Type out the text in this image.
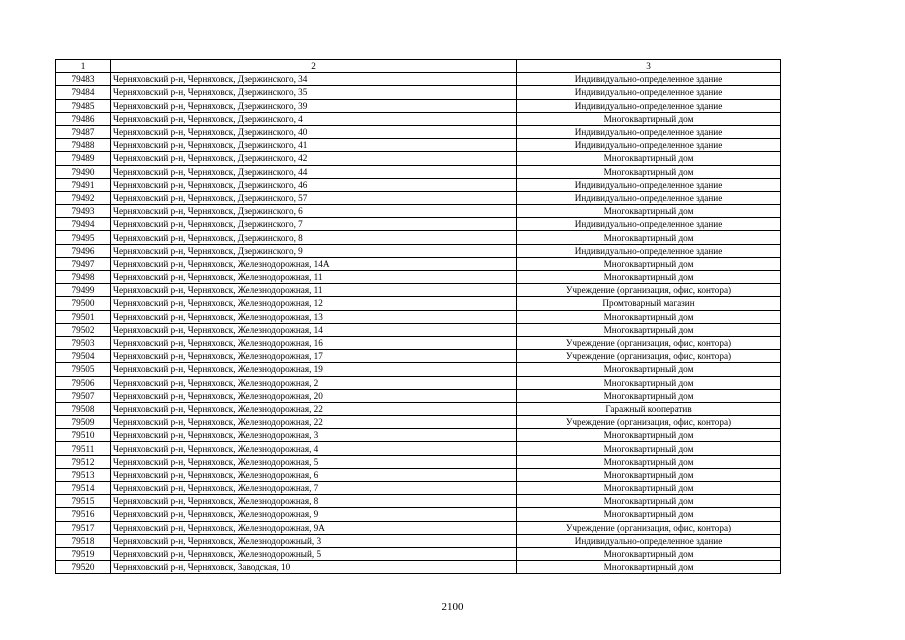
1	2	3
79483	Черняховский р-н, Черняховск, Дзержинского, 34	Индивидуально-определенное здание
79484	Черняховский р-н, Черняховск, Дзержинского, 35	Индивидуально-определенное здание
79485	Черняховский р-н, Черняховск, Дзержинского, 39	Индивидуально-определенное здание
79486	Черняховский р-н, Черняховск, Дзержинского, 4	Многоквартирный дом
79487	Черняховский р-н, Черняховск, Дзержинского, 40	Индивидуально-определенное здание
79488	Черняховский р-н, Черняховск, Дзержинского, 41	Индивидуально-определенное здание
79489	Черняховский р-н, Черняховск, Дзержинского, 42	Многоквартирный дом
79490	Черняховский р-н, Черняховск, Дзержинского, 44	Многоквартирный дом
79491	Черняховский р-н, Черняховск, Дзержинского, 46	Индивидуально-определенное здание
79492	Черняховский р-н, Черняховск, Дзержинского, 57	Индивидуально-определенное здание
79493	Черняховский р-н, Черняховск, Дзержинского, 6	Многоквартирный дом
79494	Черняховский р-н, Черняховск, Дзержинского, 7	Индивидуально-определенное здание
79495	Черняховский р-н, Черняховск, Дзержинского, 8	Многоквартирный дом
79496	Черняховский р-н, Черняховск, Дзержинского, 9	Индивидуально-определенное здание
79497	Черняховский р-н, Черняховск, Железнодорожная, 14А	Многоквартирный дом
79498	Черняховский р-н, Черняховск, Железнодорожная, 11	Многоквартирный дом
79499	Черняховский р-н, Черняховск, Железнодорожная, 11	Учреждение (организация, офис, контора)
79500	Черняховский р-н, Черняховск, Железнодорожная, 12	Промтоварный магазин
79501	Черняховский р-н, Черняховск, Железнодорожная, 13	Многоквартирный дом
79502	Черняховский р-н, Черняховск, Железнодорожная, 14	Многоквартирный дом
79503	Черняховский р-н, Черняховск, Железнодорожная, 16	Учреждение (организация, офис, контора)
79504	Черняховский р-н, Черняховск, Железнодорожная, 17	Учреждение (организация, офис, контора)
79505	Черняховский р-н, Черняховск, Железнодорожная, 19	Многоквартирный дом
79506	Черняховский р-н, Черняховск, Железнодорожная, 2	Многоквартирный дом
79507	Черняховский р-н, Черняховск, Железнодорожная, 20	Многоквартирный дом
79508	Черняховский р-н, Черняховск, Железнодорожная, 22	Гаражный кооператив
79509	Черняховский р-н, Черняховск, Железнодорожная, 22	Учреждение (организация, офис, контора)
79510	Черняховский р-н, Черняховск, Железнодорожная, 3	Многоквартирный дом
79511	Черняховский р-н, Черняховск, Железнодорожная, 4	Многоквартирный дом
79512	Черняховский р-н, Черняховск, Железнодорожная, 5	Многоквартирный дом
79513	Черняховский р-н, Черняховск, Железнодорожная, 6	Многоквартирный дом
79514	Черняховский р-н, Черняховск, Железнодорожная, 7	Многоквартирный дом
79515	Черняховский р-н, Черняховск, Железнодорожная, 8	Многоквартирный дом
79516	Черняховский р-н, Черняховск, Железнодорожная, 9	Многоквартирный дом
79517	Черняховский р-н, Черняховск, Железнодорожная, 9А	Учреждение (организация, офис, контора)
79518	Черняховский р-н, Черняховск, Железнодорожный, 3	Индивидуально-определенное здание
79519	Черняховский р-н, Черняховск, Железнодорожный, 5	Многоквартирный дом
79520	Черняховский р-н, Черняховск, Заводская, 10	Многоквартирный дом
2100
